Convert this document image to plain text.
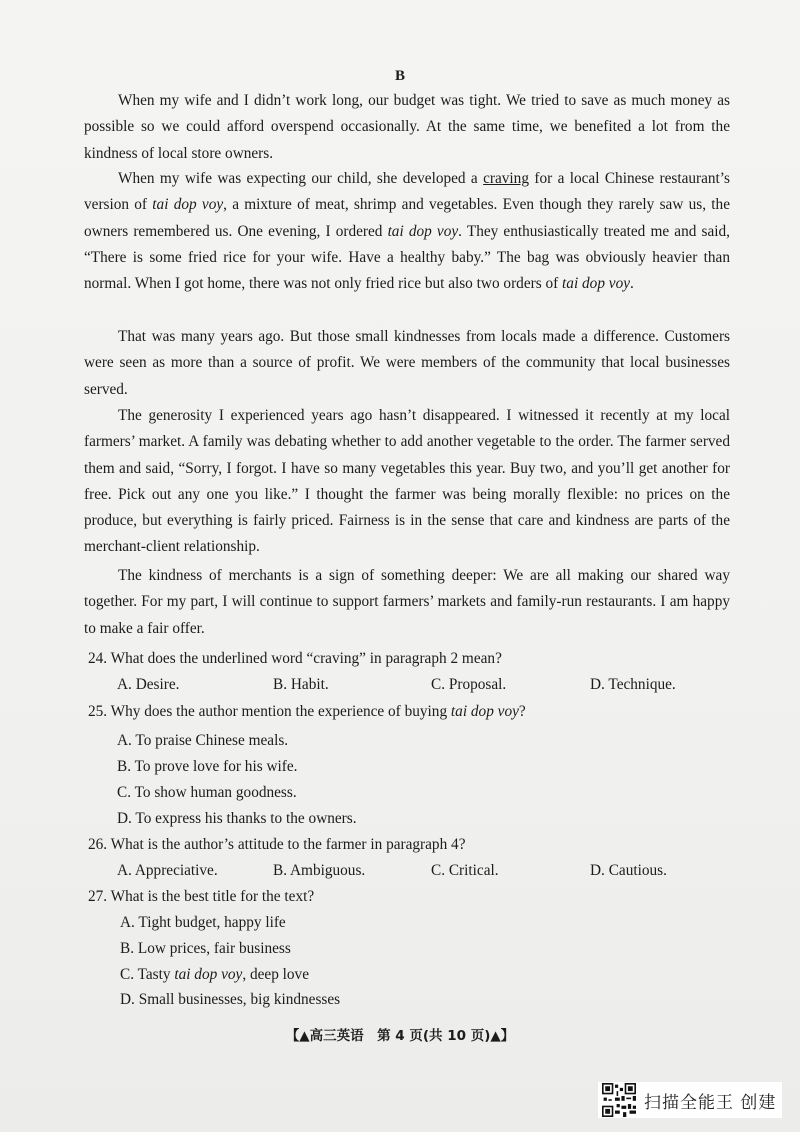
B

When my wife and I didn’t work long, our budget was tight. We tried to save as much money as possible so we could afford overspend occasionally. At the same time, we benefited a lot from the kindness of local store owners.

When my wife was expecting our child, she developed a craving for a local Chinese restaurant’s version of tai dop voy, a mixture of meat, shrimp and vegetables. Even though they rarely saw us, the owners remembered us. One evening, I ordered tai dop voy. They enthusiastically treated me and said, “There is some fried rice for your wife. Have a healthy baby.” The bag was obviously heavier than normal. When I got home, there was not only fried rice but also two orders of tai dop voy.

That was many years ago. But those small kindnesses from locals made a difference. Customers were seen as more than a source of profit. We were members of the community that local businesses served.

The generosity I experienced years ago hasn’t disappeared. I witnessed it recently at my local farmers’ market. A family was debating whether to add another vegetable to the order. The farmer served them and said, “Sorry, I forgot. I have so many vegetables this year. Buy two, and you’ll get another for free. Pick out any one you like.” I thought the farmer was being morally flexible: no prices on the produce, but everything is fairly priced. Fairness is in the sense that care and kindness are parts of the merchant-client relationship.

The kindness of merchants is a sign of something deeper: We are all making our shared way together. For my part, I will continue to support farmers’ markets and family-run restaurants. I am happy to make a fair offer.

24. What does the underlined word “craving” in paragraph 2 mean?
A. Desire.	B. Habit.	C. Proposal.	D. Technique.
25. Why does the author mention the experience of buying tai dop voy?
A. To praise Chinese meals.
B. To prove love for his wife.
C. To show human goodness.
D. To express his thanks to the owners.
26. What is the author’s attitude to the farmer in paragraph 4?
A. Appreciative.	B. Ambiguous.	C. Critical.	D. Cautious.
27. What is the best title for the text?
A. Tight budget, happy life
B. Low prices, fair business
C. Tasty tai dop voy, deep love
D. Small businesses, big kindnesses
【▲高三英语　第 4 页(共 10 页)▲】
扫描全能王 创建
